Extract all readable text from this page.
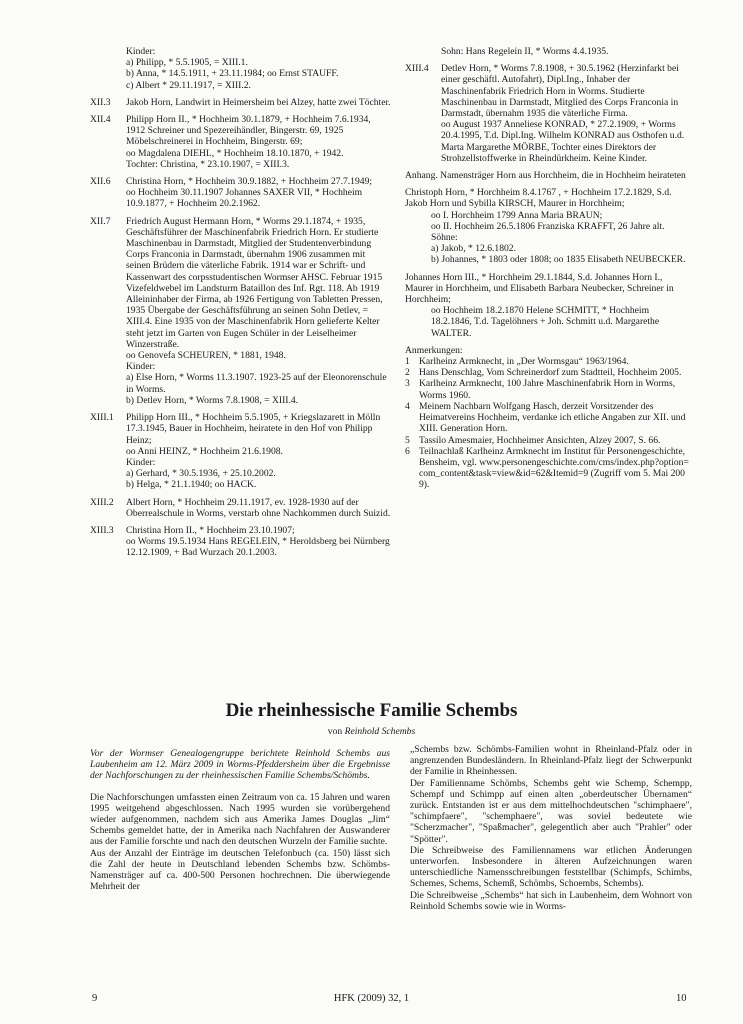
Kinder:
a) Philipp, * 5.5.1905, = XIII.1.
b) Anna, * 14.5.1911, + 23.11.1984; oo Ernst STAUFF.
c) Albert * 29.11.1917, = XIII.2.
XII.3	Jakob Horn, Landwirt in Heimersheim bei Alzey, hatte zwei Töchter.
XII.4	Philipp Horn II., * Hochheim 30.1.1879, + Hochheim 7.6.1934, 1912 Schreiner und Spezereihändler, Bingerstr. 69, 1925 Möbelschreinerei in Hochheim, Bingerstr. 69;
oo Magdalena DIEHL, * Hochheim 18.10.1870, + 1942.
Tochter: Christina, * 23.10.1907, = XIII.3.
XII.6	Christina Horn, * Hochheim 30.9.1882, + Hochheim 27.7.1949;
oo Hochheim 30.11.1907 Johannes SAXER VII, * Hochheim 10.9.1877, + Hochheim 20.2.1962.
XII.7	Friedrich August Hermann Horn, * Worms 29.1.1874, + 1935, Geschäftsführer der Maschinenfabrik Friedrich Horn. Er studierte Maschinenbau in Darmstadt, Mitglied der Studentenverbindung Corps Franconia in Darmstadt, übernahm 1906 zusammen mit seinen Brüdern die väterliche Fabrik. 1914 war er Schrift- und Kassenwart des corpsstudentischen Wormser AHSC. Februar 1915 Vizefeldwebel im Landsturm Bataillon des Inf. Rgt. 118. Ab 1919 Alleininhaber der Firma, ab 1926 Fertigung von Tabletten Pressen, 1935 Übergabe der Geschäftsführung an seinen Sohn Detlev, = XIII.4. Eine 1935 von der Maschinenfabrik Horn gelieferte Kelter steht jetzt im Garten von Eugen Schüler in der Leiselheimer Winzerstraße.
oo Genovefa SCHEUREN, * 1881, 1948.
Kinder:
a) Else Horn, * Worms 11.3.1907. 1923-25 auf der Eleonorenschule in Worms.
b) Detlev Horn, * Worms 7.8.1908, = XIII.4.
XIII.1	Philipp Horn III., * Hochheim 5.5.1905, + Kriegslazarett in Mölln 17.3.1945, Bauer in Hochheim, heiratete in den Hof von Philipp Heinz;
oo Anni HEINZ, * Hochheim 21.6.1908.
Kinder:
a) Gerhard, * 30.5.1936, + 25.10.2002.
b) Helga, * 21.1.1940; oo HACK.
XIII.2	Albert Horn, * Hochheim 29.11.1917, ev. 1928-1930 auf der Oberrealschule in Worms, verstarb ohne Nachkommen durch Suizid.
XIII.3	Christina Horn II., * Hochheim 23.10.1907;
oo Worms 19.5.1934 Hans REGELEIN, * Heroldsberg bei Nürnberg 12.12.1909, + Bad Wurzach 20.1.2003.
Sohn: Hans Regelein II, * Worms 4.4.1935.
XIII.4	Detlev Horn, * Worms 7.8.1908, + 30.5.1962 (Herzinfarkt bei einer geschäftl. Autofahrt), Dipl.Ing., Inhaber der Maschinenfabrik Friedrich Horn in Worms. Studierte Maschinenbau in Darmstadt, Mitglied des Corps Franconia in Darmstadt, übernahm 1935 die väterliche Firma.
oo August 1937 Anneliese KONRAD, * 27.2.1909, + Worms 20.4.1995, T.d. Dipl.Ing. Wilhelm KONRAD aus Osthofen u.d. Marta Margarethe MÖRBE, Tochter eines Direktors der Strohzellstoffwerke in Rheindürkheim. Keine Kinder.
Anhang. Namensträger Horn aus Horchheim, die in Hochheim heirateten
Christoph Horn, * Horchheim 8.4.1767 , + Hochheim 17.2.1829, S.d. Jakob Horn und Sybilla KIRSCH, Maurer in Horchheim;
oo I. Horchheim 1799 Anna Maria BRAUN;
oo II. Hochheim 26.5.1806 Franziska KRAFFT, 26 Jahre alt.
Söhne:
a) Jakob, * 12.6.1802.
b) Johannes, * 1803 oder 1808; oo 1835 Elisabeth NEUBECKER.
Johannes Horn III., * Horchheim 29.1.1844, S.d. Johannes Horn I., Maurer in Horchheim, und Elisabeth Barbara Neubecker, Schreiner in Horchheim;
oo Hochheim 18.2.1870 Helene SCHMITT, * Hochheim 18.2.1846, T.d. Tagelöhners + Joh. Schmitt u.d. Margarethe WALTER.
Anmerkungen:
1 Karlheinz Armknecht, in „Der Wormsgau“ 1963/1964.
2 Hans Denschlag, Vom Schreinerdorf zum Stadtteil, Hochheim 2005.
3 Karlheinz Armknecht, 100 Jahre Maschinenfabrik Horn in Worms, Worms 1960.
4 Meinem Nachbarn Wolfgang Hasch, derzeit Vorsitzender des Heimatvereins Hochheim, verdanke ich etliche Angaben zur XII. und XIII. Generation Horn.
5 Tassilo Amesmaier, Hochheimer Ansichten, Alzey 2007, S. 66.
6 Teilnachlaß Karlheinz Armknecht im Institut für Personengeschichte, Bensheim, vgl. www.personengeschichte.com/cms/index.php?option=com_content&task=view&id=62&Itemid=9 (Zugriff vom 5. Mai 2009).
Die rheinhessische Familie Schembs
von Reinhold Schembs
Vor der Wormser Genealogengruppe berichtete Reinhold Schembs aus Laubenheim am 12. März 2009 in Worms-Pfeddersheim über die Ergebnisse der Nachforschungen zu der rheinhessischen Familie Schembs/Schömbs.
Die Nachforschungen umfassten einen Zeitraum von ca. 15 Jahren und waren 1995 weitgehend abgeschlossen. Nach 1995 wurden sie vorübergehend wieder aufgenommen, nachdem sich aus Amerika James Douglas „Jim“ Schembs gemeldet hatte, der in Amerika nach Nachfahren der Auswanderer aus der Familie forschte und nach den deutschen Wurzeln der Familie suchte.
Aus der Anzahl der Einträge im deutschen Telefonbuch (ca. 150) lässt sich die Zahl der heute in Deutschland lebenden Schembs bzw. Schömbs-Namensträger auf ca. 400-500 Personen hochrechnen. Die überwiegende Mehrheit der
„Schembs bzw. Schömbs-Familien wohnt in Rheinland-Pfalz oder in angrenzenden Bundesländern. In Rheinland-Pfalz liegt der Schwerpunkt der Familie in Rheinhessen.
Der Familienname Schömbs, Schembs geht wie Schemp, Schempp, Schempf und Schimpp auf einen alten „oberdeutscher Übernamen“ zurück. Entstanden ist er aus dem mittelhochdeutschen "schimphaere", "schimpfaere", "schemphaere", was soviel bedeutete wie "Scherzmacher", "Spaßmacher", gelegentlich aber auch "Prahler" oder "Spötter".
Die Schreibweise des Familiennamens war etlichen Änderungen unterworfen. Insbesondere in älteren Aufzeichnungen waren unterschiedliche Namensschreibungen feststellbar (Schimpfs, Schimbs, Schemes, Schems, Schemß, Schömbs, Schoembs, Schembs).
Die Schreibweise „Schembs“ hat sich in Laubenheim, dem Wohnort von Reinhold Schembs sowie wie in Worms-
9	HFK (2009) 32, 1	10
